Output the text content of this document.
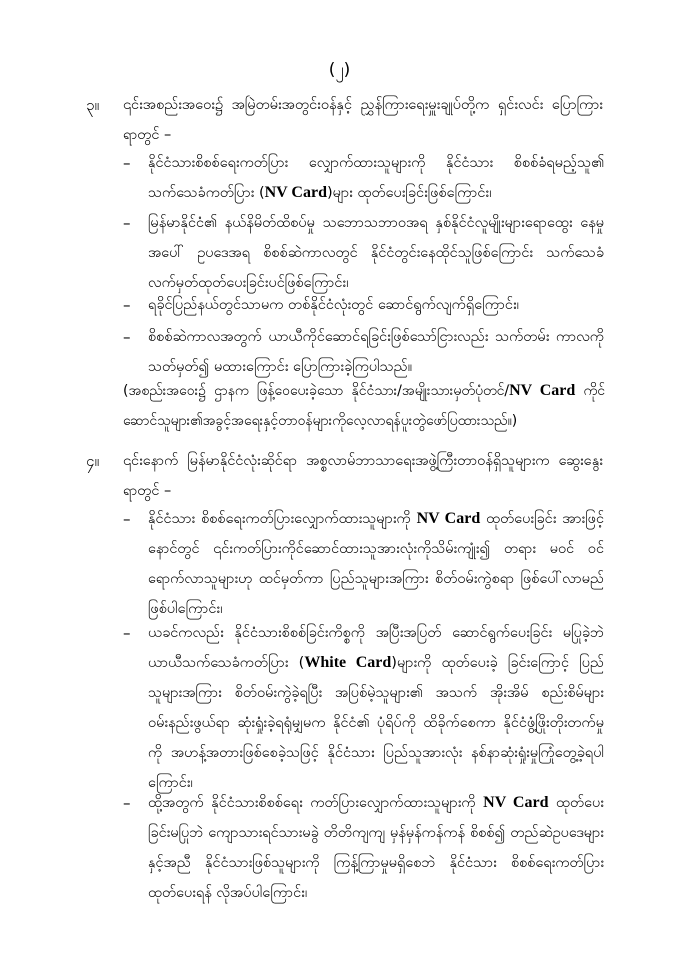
(၂)
၃။ ၎င်းအစည်းအဝေး၌ အမြဲတမ်းအတွင်းဝန်နှင့် ညွှန်ကြားရေးမှူးချုပ်တို့က ရှင်းလင်း ပြောကြားရာတွင် –
– နိုင်ငံသားစိစစ်ရေးကတ်ပြား လျှောက်ထားသူများကို နိုင်ငံသား စိစစ်ခံရမည့်သူ၏ သက်သေခံကတ်ပြား (NV Card)များ ထုတ်ပေးခြင်းဖြစ်ကြောင်း၊
– မြန်မာနိုင်ငံ၏ နယ်နိမိတ်ထိစပ်မှု သဘောသဘာဝအရ နှစ်နိုင်ငံလူမျိုးများရောထွေး နေမှုအပေါ် ဥပဒေအရ စိစစ်ဆဲကာလတွင် နိုင်ငံတွင်းနေထိုင်သူဖြစ်ကြောင်း သက်သေခံ လက်မှတ်ထုတ်ပေးခြင်းပင်ဖြစ်ကြောင်း၊
– ရခိုင်ပြည်နယ်တွင်သာမက တစ်နိုင်ငံလုံးတွင် ဆောင်ရွက်လျက်ရှိကြောင်း၊
– စိစစ်ဆဲကာလအတွက် ယာယီကိုင်ဆောင်ရခြင်းဖြစ်သော်ငြားလည်း သက်တမ်း ကာလကို သတ်မှတ်၍ မထားကြောင်း ပြောကြားခဲ့ကြပါသည်။
(အစည်းအဝေး၌ ဌာနက ဖြန့်ဝေပေးခဲ့သော နိုင်ငံသား/အမျိုးသားမှတ်ပုံတင်/NV Card ကိုင်ဆောင်သူများ၏အခွင့်အရေးနှင့်တာဝန်များကိုလေ့လာရန်ပူးတွဲဖော်ပြထားသည်။)
၄။ ၎င်းနောက် မြန်မာနိုင်ငံလုံးဆိုင်ရာ အစ္စလာမ်ဘာသာရေးအဖွဲ့ကြီးတာဝန်ရှိသူများက ဆွေးနွေးရာတွင် –
– နိုင်ငံသား စိစစ်ရေးကတ်ပြားလျှောက်ထားသူများကို NV Card ထုတ်ပေးခြင်း အားဖြင့် နောင်တွင် ၎င်းကတ်ပြားကိုင်ဆောင်ထားသူအားလုံးကိုသိမ်းကျုံး၍ တရား မဝင် ဝင်ရောက်လာသူများဟု ထင်မှတ်ကာ ပြည်သူများအကြား စိတ်ဝမ်းကွဲစရာ ဖြစ်ပေါ်လာမည်ဖြစ်ပါကြောင်း၊
– ယခင်ကလည်း နိုင်ငံသားစိစစ်ခြင်းကိစ္စကို အပြီးအပြတ် ဆောင်ရွက်ပေးခြင်း မပြုခဲ့ဘဲ ယာယီသက်သေခံကတ်ပြား (White Card)များကို ထုတ်ပေးခဲ့ ခြင်းကြောင့် ပြည်သူများအကြား စိတ်ဝမ်းကွဲခဲ့ရပြီး အပြစ်မဲ့သူများ၏ အသက် အိုးအိမ် စည်းစိမ်များ ဝမ်းနည်းဖွယ်ရာ ဆုံးရှုံးခဲ့ရရုံမျှမက နိုင်ငံ၏ ပုံရိပ်ကို ထိခိုက်စေကာ နိုင်ငံဖွံ့ဖြိုးတိုးတက်မှုကို အဟန့်အတားဖြစ်စေခဲ့သဖြင့် နိုင်ငံသား ပြည်သူအားလုံး နစ်နာဆုံးရှုံးမှုကြုံတွေ့ခဲ့ရပါကြောင်း၊
– ထို့အတွက် နိုင်ငံသားစိစစ်ရေး ကတ်ပြားလျှောက်ထားသူများကို NV Card ထုတ်ပေးခြင်းမပြုဘဲ ကျောသားရင်သားမခွဲ တိတိကျကျ မှန်မှန်ကန်ကန် စိစစ်၍ တည်ဆဲဥပဒေများနှင့်အညီ နိုင်ငံသားဖြစ်သူများကို ကြန့်ကြာမှုမရှိစေဘဲ နိုင်ငံသား စိစစ်ရေးကတ်ပြား ထုတ်ပေးရန် လိုအပ်ပါကြောင်း၊
